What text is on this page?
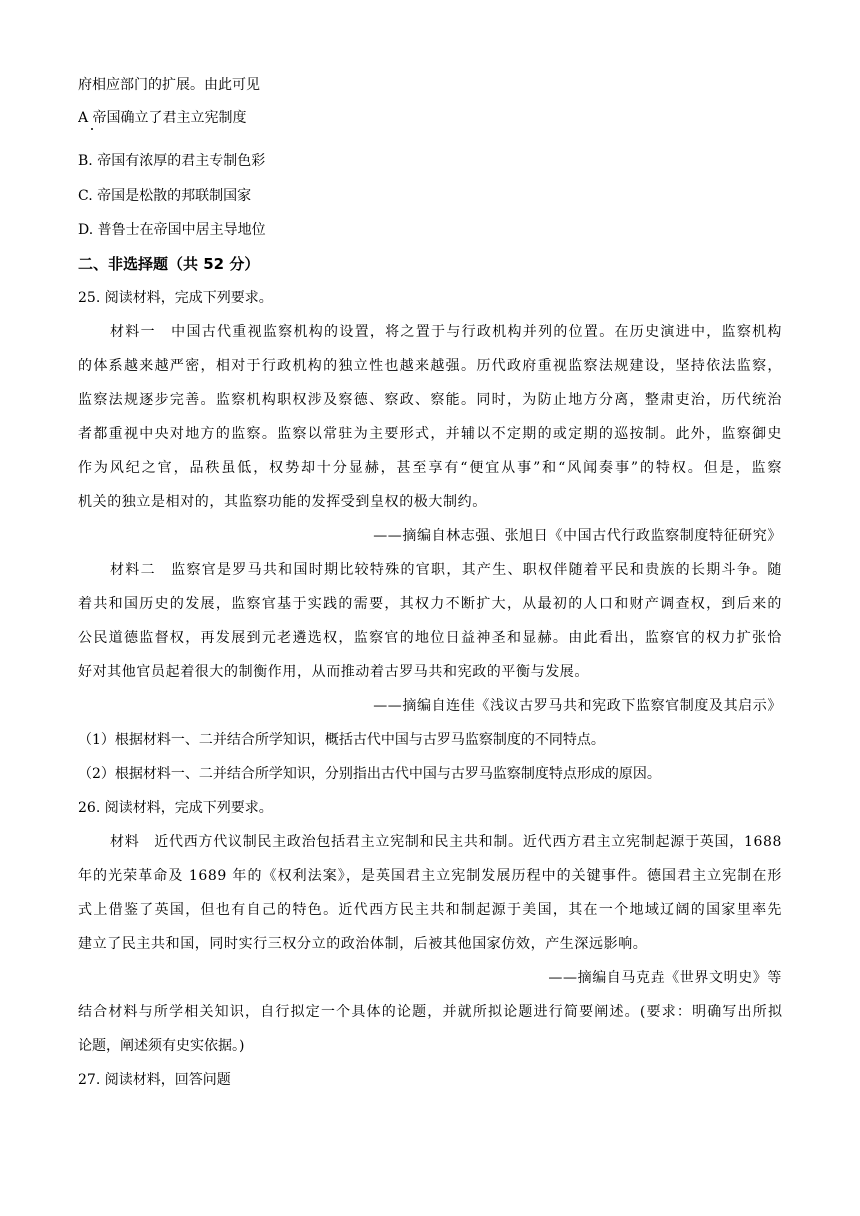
府相应部门的扩展。由此可见
A 帝国确立了君主立宪制度
B. 帝国有浓厚的君主专制色彩
C. 帝国是松散的邦联制国家
D. 普鲁士在帝国中居主导地位
二、非选择题（共 52 分）
25. 阅读材料，完成下列要求。
材料一　中国古代重视监察机构的设置，将之置于与行政机构并列的位置。在历史演进中，监察机构
的体系越来越严密，相对于行政机构的独立性也越来越强。历代政府重视监察法规建设，坚持依法监察，
监察法规逐步完善。监察机构职权涉及察德、察政、察能。同时，为防止地方分离，整肃吏治，历代统治
者都重视中央对地方的监察。监察以常驻为主要形式，并辅以不定期的或定期的巡按制。此外，监察御史
作为风纪之官，品秩虽低，权势却十分显赫，甚至享有“便宜从事”和“风闻奏事”的特权。但是，监察
机关的独立是相对的，其监察功能的发挥受到皇权的极大制约。
——摘编自林志强、张旭日《中国古代行政监察制度特征研究》
材料二　监察官是罗马共和国时期比较特殊的官职，其产生、职权伴随着平民和贵族的长期斗争。随
着共和国历史的发展，监察官基于实践的需要，其权力不断扩大，从最初的人口和财产调查权，到后来的
公民道德监督权，再发展到元老遴选权，监察官的地位日益神圣和显赫。由此看出，监察官的权力扩张恰
好对其他官员起着很大的制衡作用，从而推动着古罗马共和宪政的平衡与发展。
——摘编自连佳《浅议古罗马共和宪政下监察官制度及其启示》
（1）根据材料一、二并结合所学知识，概括古代中国与古罗马监察制度的不同特点。
（2）根据材料一、二并结合所学知识，分别指出古代中国与古罗马监察制度特点形成的原因。
26. 阅读材料，完成下列要求。
材料　近代西方代议制民主政治包括君主立宪制和民主共和制。近代西方君主立宪制起源于英国，1688
年的光荣革命及 1689 年的《权利法案》，是英国君主立宪制发展历程中的关键事件。德国君主立宪制在形
式上借鉴了英国，但也有自己的特色。近代西方民主共和制起源于美国，其在一个地域辽阔的国家里率先
建立了民主共和国，同时实行三权分立的政治体制，后被其他国家仿效，产生深远影响。
——摘编自马克垚《世界文明史》等
结合材料与所学相关知识，自行拟定一个具体的论题，并就所拟论题进行简要阐述。(要求：明确写出所拟
论题，阐述须有史实依据。)
27. 阅读材料，回答问题
